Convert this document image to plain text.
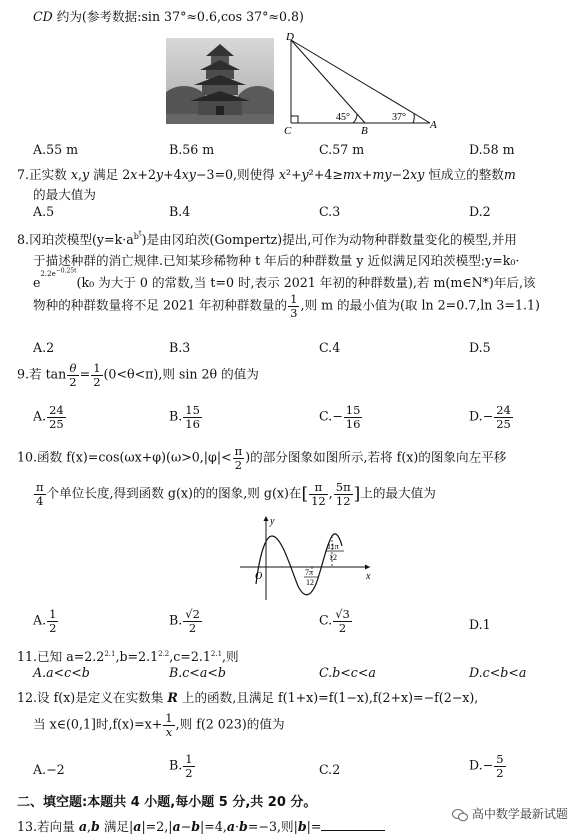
CD 约为(参考数据:sin 37°≈0.6,cos 37°≈0.8)
D
C	B	A
45°	37°
A.55 m	B.56 m	C.57 m	D.58 m
7.正实数 x,y 满足 2x+2y+4xy−3=0,则使得 x²+y²+4≥mx+my−2xy 恒成立的整数m
的最大值为
A.5	B.4	C.3	D.2
8.冈珀茨模型$(y=k\cdot a^{b^t})$是由冈珀茨(Gompertz)提出,可作为动物种群数量变化的模型,并用
于描述种群的消亡规律.已知某珍稀物种 t 年后的种群数量 y 近似满足冈珀茨模型:y=k₀·
$e^{2.2e^{-0.25t}}(k_0$ 为大于 0 的常数,当 t=0 时,表示 2021 年初的种群数量),若 m(m∈N*)年后,该
物种的种群数量将不足 2021 年初种群数量的 $\frac{1}{3}$ ,则 m 的最小值为(取 ln 2=0.7,ln 3=1.1)
A.2	B.3	C.4	D.5
9.若 $\tan \frac{\theta}{2} = \frac{1}{2} (0<\theta<\pi)$,则 sin 2θ 的值为
A. $\frac{24}{25}$	B. $\frac{15}{16}$	$C.- \frac{15}{16}$	$D.- \frac{24}{25}$
10.函数 $f(x)=\cos(\omega x+\varphi)(\omega>0,|\varphi|< \frac{\pi}{2}$ )的部分图象如图所示,若将 f(x)的图象向左平移
$\frac{\pi}{4}$ 个单位长度,得到函数 g(x)的的图象,则 g(x)在[ $\frac{\pi}{12}$ , $\frac{5\pi}{12}$ ]上的最大值为
y
x
O	7π
12
11π
12
A. $\frac{1}{2}$	B. $\frac{√2}{2}$	C. $\frac{√3}{2}$	D.1
11.已知 $a=2.2^{2.1},b=2.1^{2.2},c=2.1^{2.1}$,则
A.a<c<b	B.c<a<b	C.b<c<a	D.c<b<a
12.设 f(x)是定义在实数集 R 上的函数,且满足 f(1+x)=f(1−x),f(2+x)=−f(2−x),
当 x∈(0,1]时$,f(x)=x+ \frac{1}{x}$ ,则 f(2 023)的值为
A.−2	B. $\frac{1}{2}$	C.2	$D.- \frac{5}{2}$
二、填空题:本题共 4 小题,每小题 5 分,共 20 分。
13.若向量 a,b 满足|a|=2,|a−b|=4,a·b=−3,则|b|=
高中数学最新试题
